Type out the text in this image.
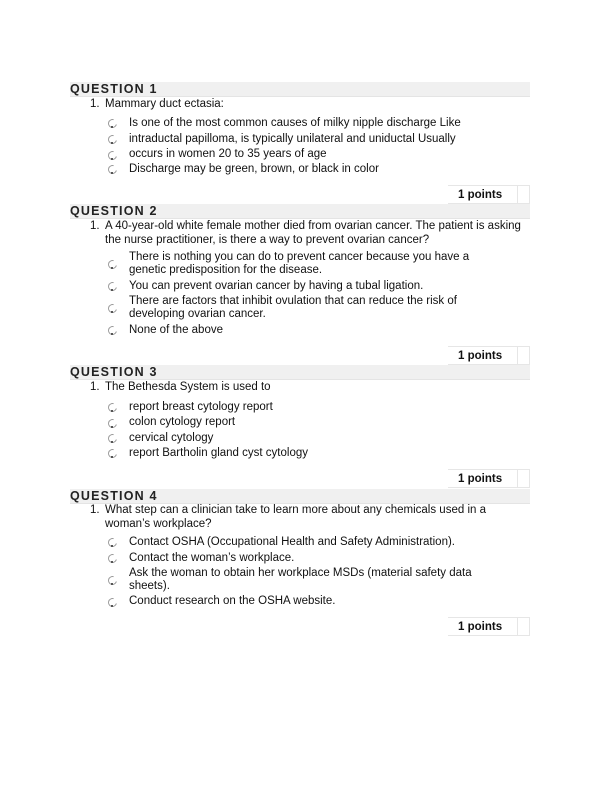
QUESTION 1
1. Mammary duct ectasia:
Is one of the most common causes of milky nipple discharge Like
intraductal papilloma, is typically unilateral and uniductal Usually
occurs in women 20 to 35 years of age
Discharge may be green, brown, or black in color
1 points
QUESTION 2
1. A 40-year-old white female mother died from ovarian cancer. The patient is asking the nurse practitioner, is there a way to prevent ovarian cancer?
There is nothing you can do to prevent cancer because you have a genetic predisposition for the disease.
You can prevent ovarian cancer by having a tubal ligation.
There are factors that inhibit ovulation that can reduce the risk of developing ovarian cancer.
None of the above
1 points
QUESTION 3
1. The Bethesda System is used to
report breast cytology report
colon cytology report
cervical cytology
report Bartholin gland cyst cytology
1 points
QUESTION 4
1. What step can a clinician take to learn more about any chemicals used in a woman’s workplace?
Contact OSHA (Occupational Health and Safety Administration).
Contact the woman’s workplace.
Ask the woman to obtain her workplace MSDs (material safety data sheets).
Conduct research on the OSHA website.
1 points
